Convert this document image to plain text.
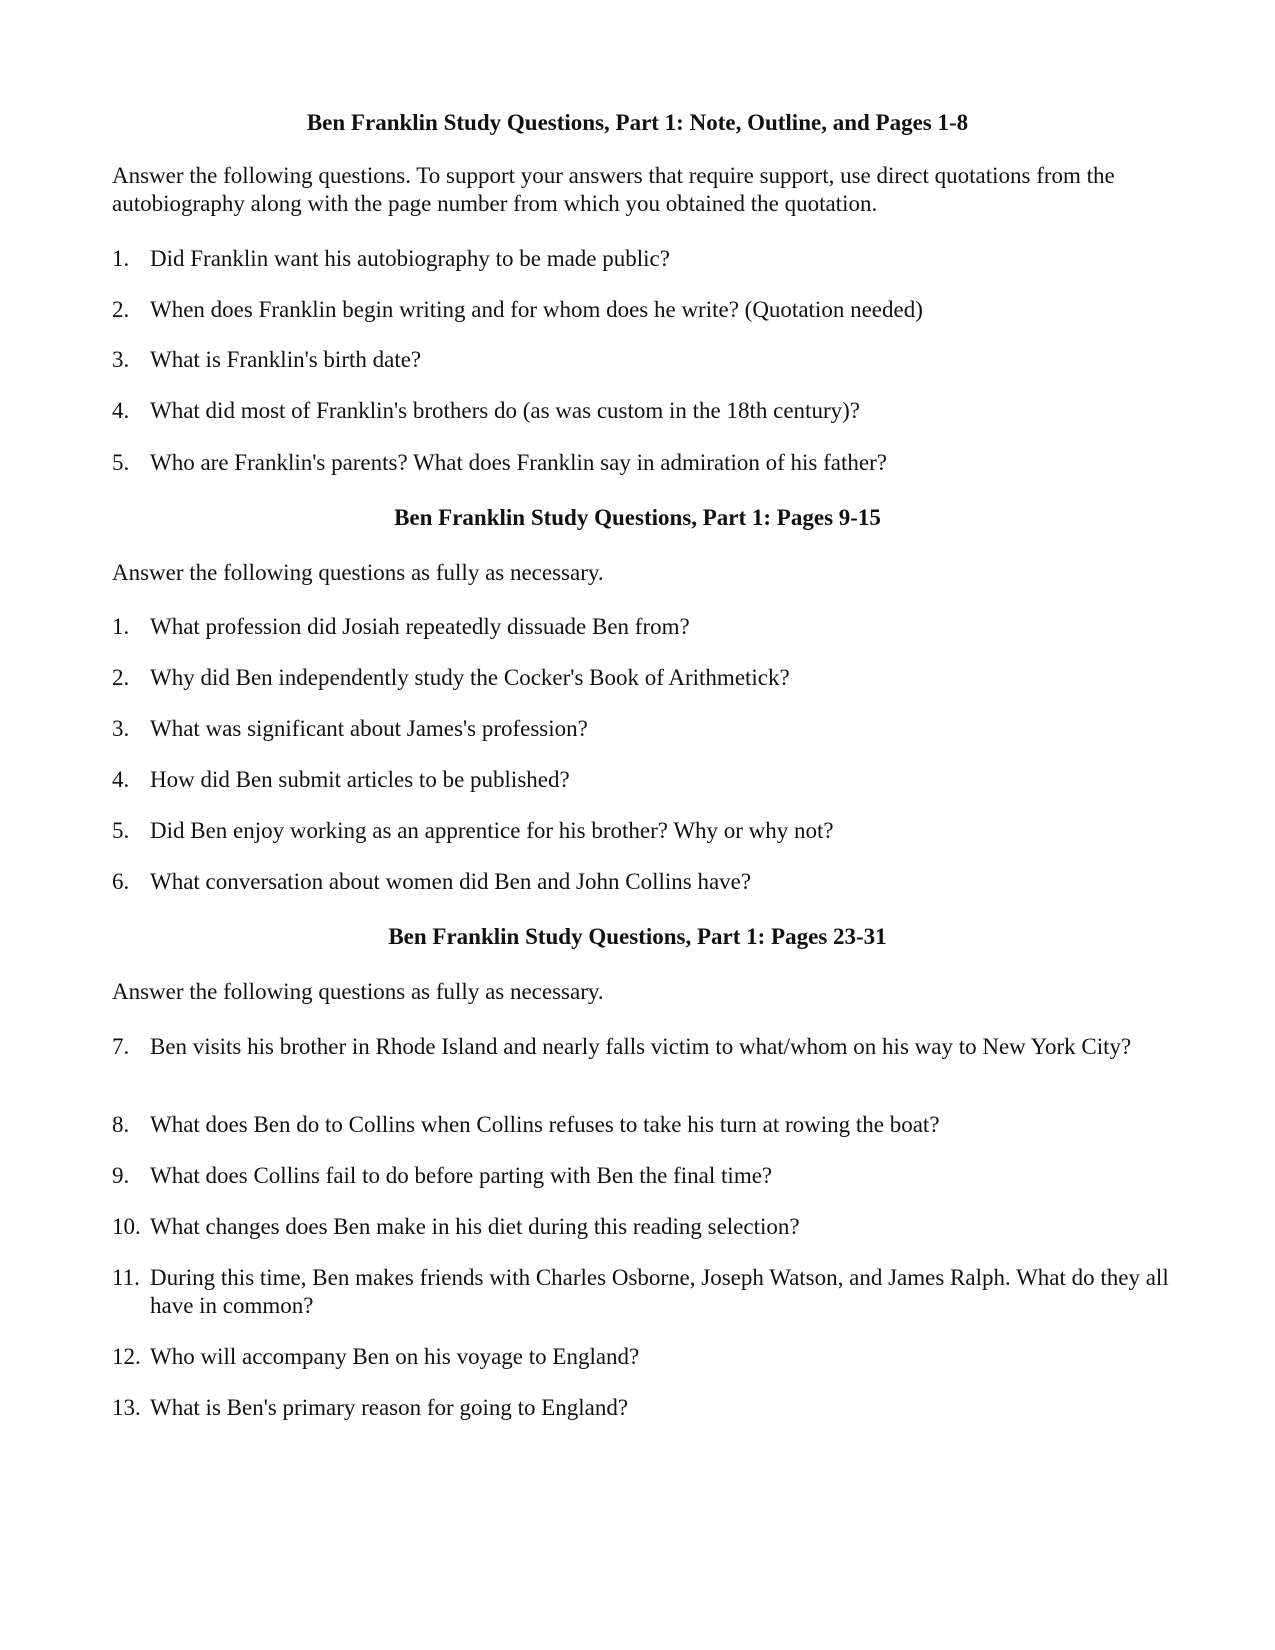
Ben Franklin Study Questions, Part 1: Note, Outline, and Pages 1-8
Answer the following questions. To support your answers that require support, use direct quotations from the autobiography along with the page number from which you obtained the quotation.
1. Did Franklin want his autobiography to be made public?
2. When does Franklin begin writing and for whom does he write? (Quotation needed)
3. What is Franklin's birth date?
4. What did most of Franklin's brothers do (as was custom in the 18th century)?
5. Who are Franklin's parents? What does Franklin say in admiration of his father?
Ben Franklin Study Questions, Part 1: Pages 9-15
Answer the following questions as fully as necessary.
1. What profession did Josiah repeatedly dissuade Ben from?
2. Why did Ben independently study the Cocker's Book of Arithmetick?
3. What was significant about James's profession?
4. How did Ben submit articles to be published?
5. Did Ben enjoy working as an apprentice for his brother? Why or why not?
6. What conversation about women did Ben and John Collins have?
Ben Franklin Study Questions, Part 1: Pages 23-31
Answer the following questions as fully as necessary.
7. Ben visits his brother in Rhode Island and nearly falls victim to what/whom on his way to New York City?
8. What does Ben do to Collins when Collins refuses to take his turn at rowing the boat?
9. What does Collins fail to do before parting with Ben the final time?
10. What changes does Ben make in his diet during this reading selection?
11. During this time, Ben makes friends with Charles Osborne, Joseph Watson, and James Ralph. What do they all have in common?
12. Who will accompany Ben on his voyage to England?
13. What is Ben's primary reason for going to England?
